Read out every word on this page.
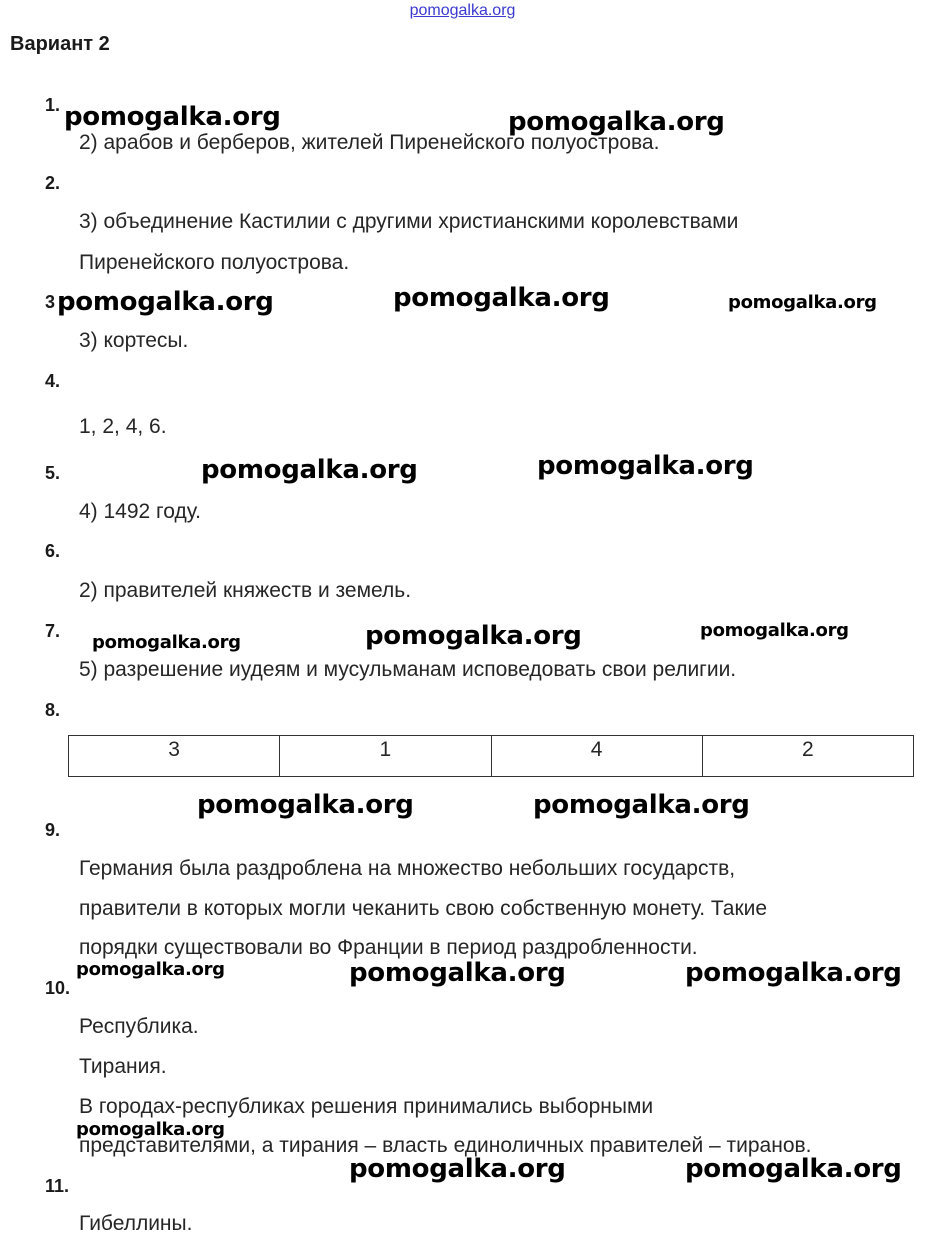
pomogalka.org
Вариант 2
1.
2) арабов и берберов, жителей Пиренейского полуострова.
2.
3) объединение Кастилии с другими христианскими королевствами
Пиренейского полуострова.
3
3) кортесы.
4.
1, 2, 4, 6.
5.
4) 1492 году.
6.
2) правителей княжеств и земель.
7.
5) разрешение иудеям и мусульманам исповедовать свои религии.
8.
3	1	4	2
9.
Германия была раздроблена на множество небольших государств,
правители в которых могли чеканить свою собственную монету. Такие
порядки существовали во Франции в период раздробленности.
10.
Республика.
Тирания.
В городах-республиках решения принимались выборными
представителями, а тирания – власть единоличных правителей – тиранов.
11.
Гибеллины.
pomogalka.org	pomogalka.org
pomogalka.org	pomogalka.org	pomogalka.org
pomogalka.org	pomogalka.org
pomogalka.org	pomogalka.org	pomogalka.org
pomogalka.org	pomogalka.org
pomogalka.org	pomogalka.org	pomogalka.org
pomogalka.org
pomogalka.org	pomogalka.org
